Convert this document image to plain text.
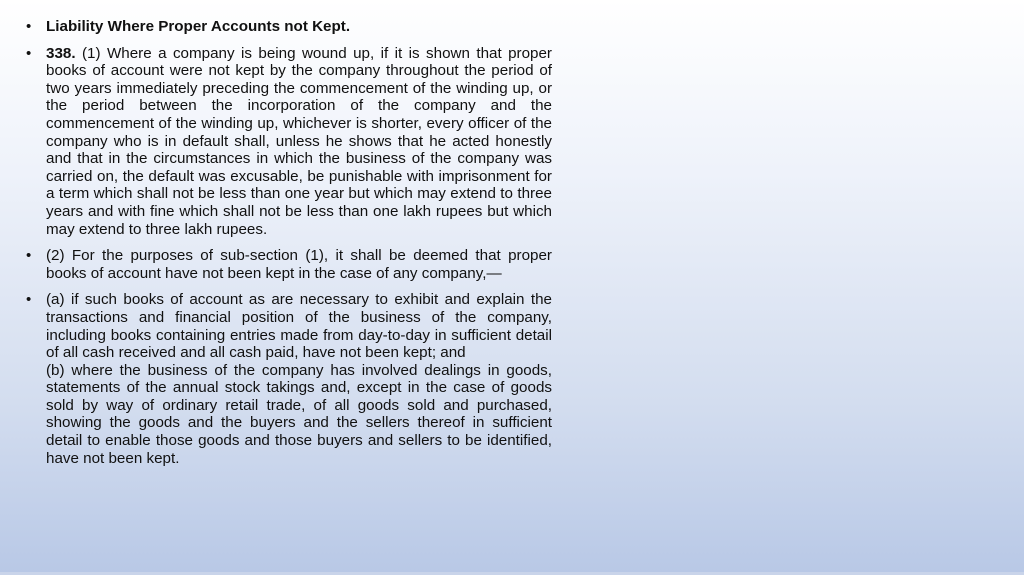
• Liability Where Proper Accounts not Kept.
• 338. (1) Where a company is being wound up, if it is shown that proper books of account were not kept by the company throughout the period of two years immediately preceding the commencement of the winding up, or the period between the incorporation of the company and the commencement of the winding up, whichever is shorter, every officer of the company who is in default shall, unless he shows that he acted honestly and that in the circumstances in which the business of the company was carried on, the default was excusable, be punishable with imprisonment for a term which shall not be less than one year but which may extend to three years and with fine which shall not be less than one lakh rupees but which may extend to three lakh rupees.
• (2) For the purposes of sub-section (1), it shall be deemed that proper books of account have not been kept in the case of any company,—
• (a) if such books of account as are necessary to exhibit and explain the transactions and financial position of the business of the company, including books containing entries made from day-to-day in sufficient detail of all cash received and all cash paid, have not been kept; and
(b) where the business of the company has involved dealings in goods, statements of the annual stock takings and, except in the case of goods sold by way of ordinary retail trade, of all goods sold and purchased, showing the goods and the buyers and the sellers thereof in sufficient detail to enable those goods and those buyers and sellers to be identified, have not been kept.
